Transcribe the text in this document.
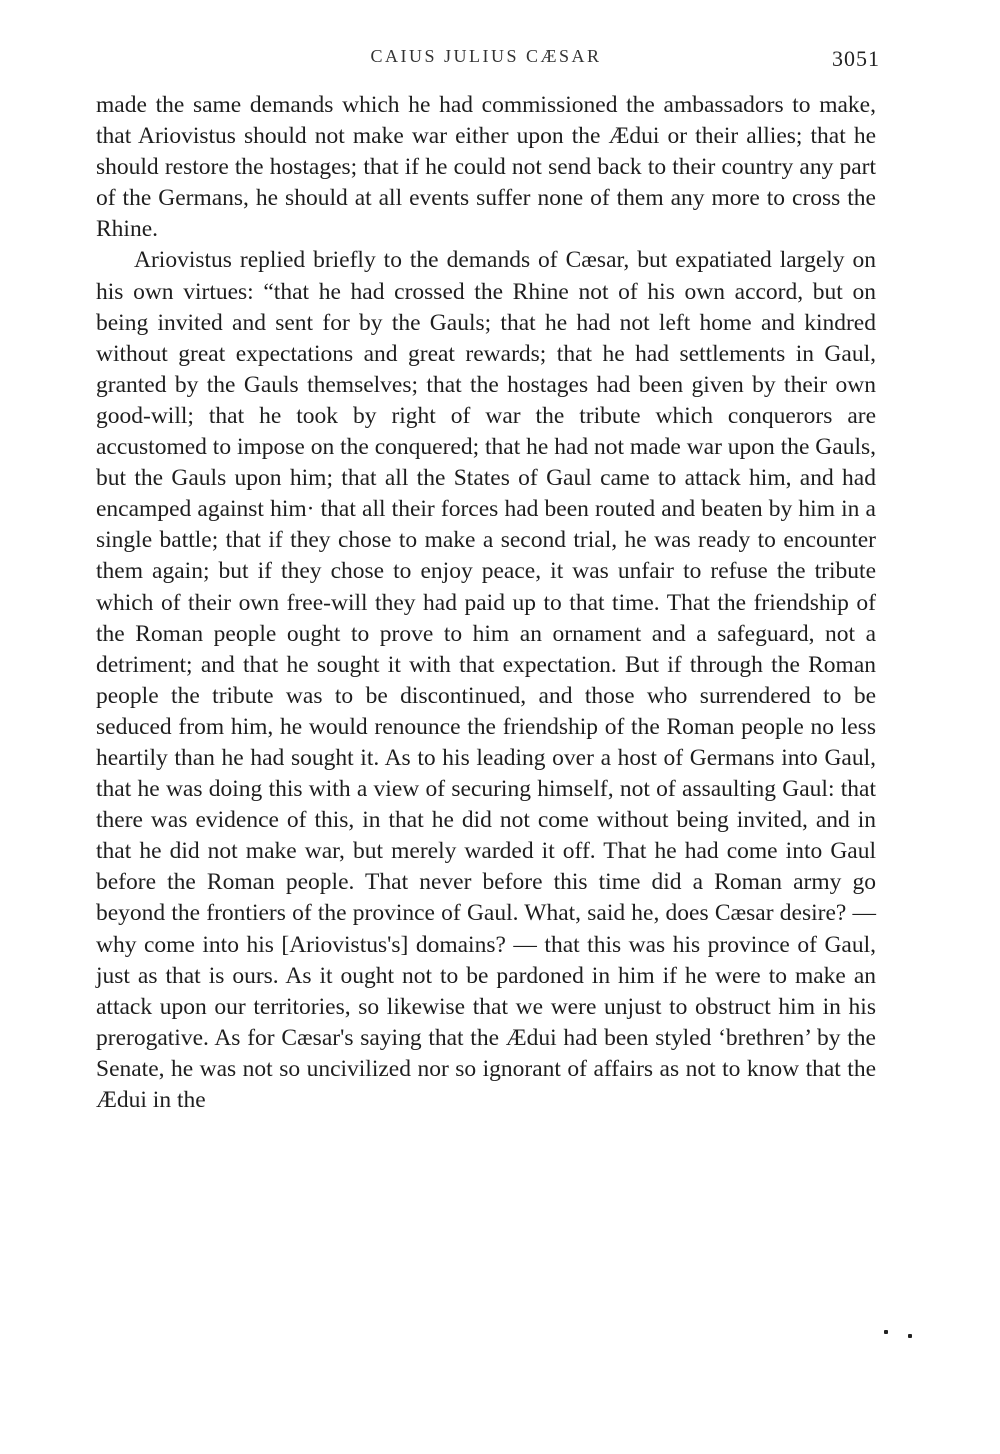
CAIUS JULIUS CÆSAR	3051

made the same demands which he had commissioned the ambassadors to make, that Ariovistus should not make war either upon the Ædui or their allies; that he should restore the hostages; that if he could not send back to their country any part of the Germans, he should at all events suffer none of them any more to cross the Rhine.

Ariovistus replied briefly to the demands of Cæsar, but expatiated largely on his own virtues: “that he had crossed the Rhine not of his own accord, but on being invited and sent for by the Gauls; that he had not left home and kindred without great expectations and great rewards; that he had settlements in Gaul, granted by the Gauls themselves; that the hostages had been given by their own good-will; that he took by right of war the tribute which conquerors are accustomed to impose on the conquered; that he had not made war upon the Gauls, but the Gauls upon him; that all the States of Gaul came to attack him, and had encamped against him· that all their forces had been routed and beaten by him in a single battle; that if they chose to make a second trial, he was ready to encounter them again; but if they chose to enjoy peace, it was unfair to refuse the tribute which of their own free-will they had paid up to that time. That the friendship of the Roman people ought to prove to him an ornament and a safeguard, not a detriment; and that he sought it with that expectation. But if through the Roman people the tribute was to be discontinued, and those who surrendered to be seduced from him, he would renounce the friendship of the Roman people no less heartily than he had sought it. As to his leading over a host of Germans into Gaul, that he was doing this with a view of securing himself, not of assaulting Gaul: that there was evidence of this, in that he did not come without being invited, and in that he did not make war, but merely warded it off. That he had come into Gaul before the Roman people. That never before this time did a Roman army go beyond the frontiers of the province of Gaul. What, said he, does Cæsar desire? — why come into his [Ariovistus's] domains? — that this was his province of Gaul, just as that is ours. As it ought not to be pardoned in him if he were to make an attack upon our territories, so likewise that we were unjust to obstruct him in his prerogative. As for Cæsar's saying that the Ædui had been styled ‘brethren’ by the Senate, he was not so uncivilized nor so ignorant of affairs as not to know that the Ædui in the
